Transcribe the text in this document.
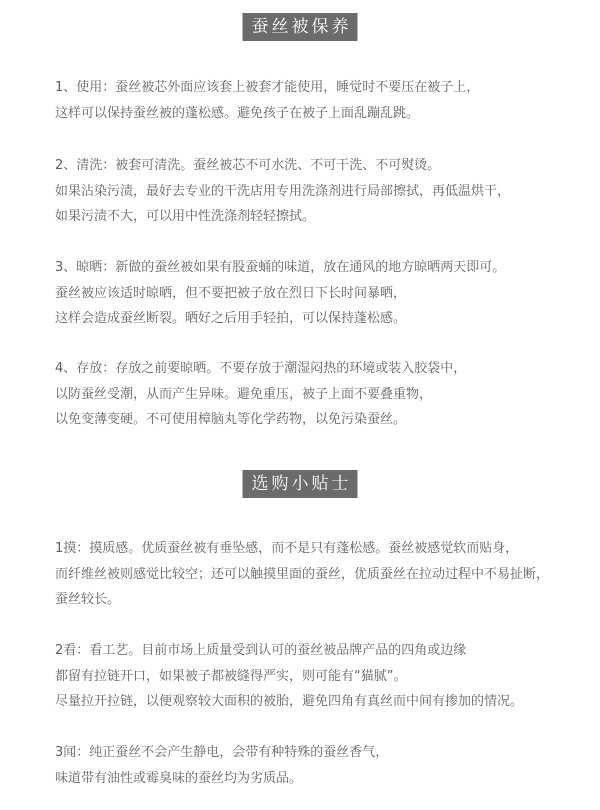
蚕丝被保养
1、使用：蚕丝被芯外面应该套上被套才能使用，睡觉时不要压在被子上，
这样可以保持蚕丝被的蓬松感。避免孩子在被子上面乱蹦乱跳。
2、清洗：被套可清洗。蚕丝被芯不可水洗、不可干洗、不可熨烫。
如果沾染污渍，最好去专业的干洗店用专用洗涤剂进行局部擦拭，再低温烘干，
如果污渍不大，可以用中性洗涤剂轻轻擦拭。
3、晾晒：新做的蚕丝被如果有股蚕蛹的味道，放在通风的地方晾晒两天即可。
蚕丝被应该适时晾晒，但不要把被子放在烈日下长时间暴晒，
这样会造成蚕丝断裂。晒好之后用手轻拍，可以保持蓬松感。
4、存放：存放之前要晾晒。不要存放于潮湿闷热的环境或装入胶袋中，
以防蚕丝受潮，从而产生异味。避免重压，被子上面不要叠重物，
以免变薄变硬。不可使用樟脑丸等化学药物，以免污染蚕丝。
选购小贴士
1摸：摸质感。优质蚕丝被有垂坠感，而不是只有蓬松感。蚕丝被感觉软而贴身，
而纤维丝被则感觉比较空；还可以触摸里面的蚕丝，优质蚕丝在拉动过程中不易扯断，
蚕丝较长。
2看：看工艺。目前市场上质量受到认可的蚕丝被品牌产品的四角或边缘
都留有拉链开口，如果被子都被缝得严实，则可能有“猫腻”。
尽量拉开拉链，以便观察较大面积的被胎，避免四角有真丝而中间有掺加的情况。
3闻：纯正蚕丝不会产生静电，会带有种特殊的蚕丝香气，
味道带有油性或霉臭味的蚕丝均为劣质品。
